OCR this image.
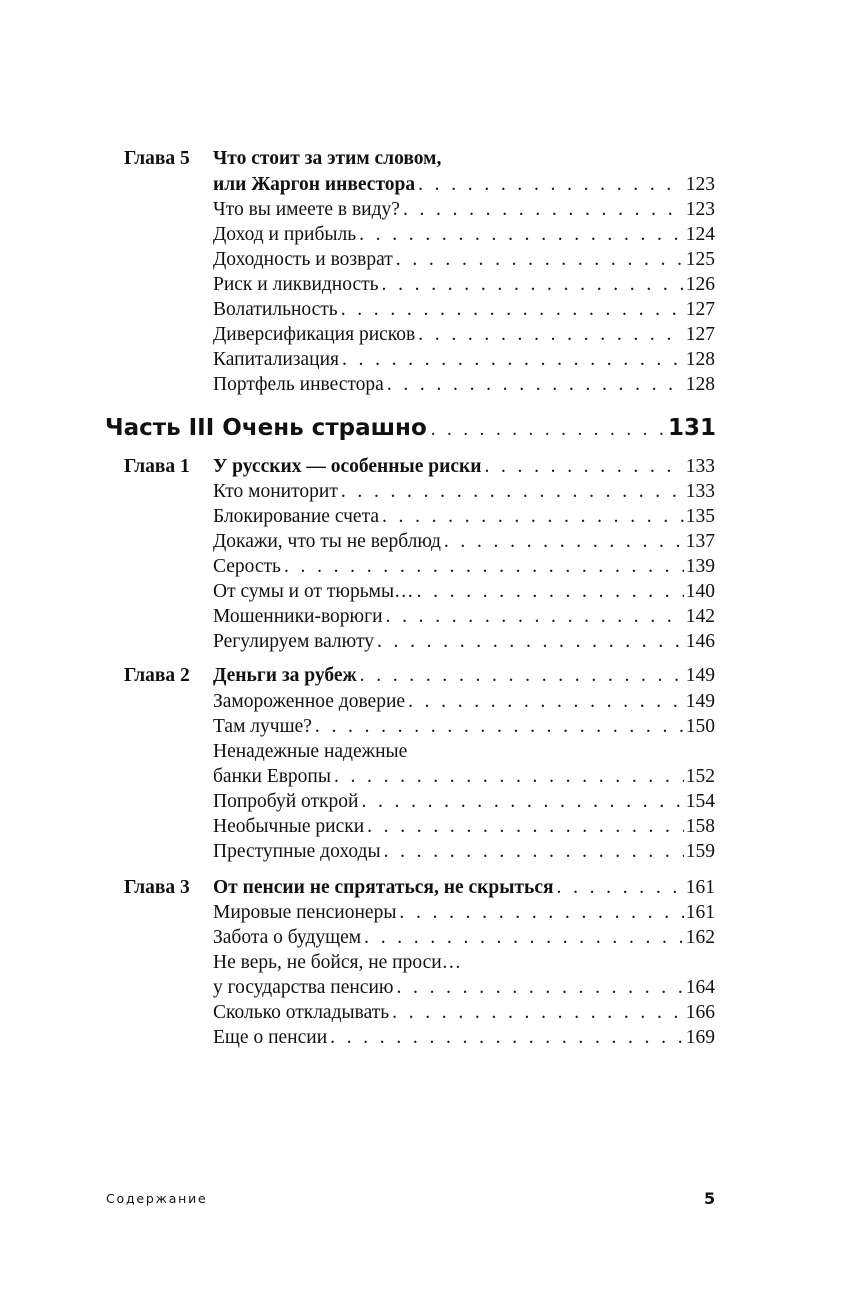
Глава 5 Что стоит за этим словом,
или Жаргон инвестора . . .	123
Что вы имеете в виду? . . .	123
Доход и прибыль . . .	124
Доходность и возврат . . .	125
Риск и ликвидность . . .	126
Волатильность . . .	127
Диверсификация рисков . . .	127
Капитализация . . .	128
Портфель инвестора . . .	128
Часть III Очень страшно . . .	131
Глава 1 У русских — особенные риски . . .	133
Кто мониторит . . .	133
Блокирование счета . . .	135
Докажи, что ты не верблюд . . .	137
Серость . . .	139
От сумы и от тюрьмы… . . .	140
Мошенники-ворюги . . .	142
Регулируем валюту . . .	146
Глава 2 Деньги за рубеж . . .	149
Замороженное доверие . . .	149
Там лучше? . . .	150
Ненадежные надежные
банки Европы . . .	152
Попробуй открой . . .	154
Необычные риски . . .	158
Преступные доходы . . .	159
Глава 3 От пенсии не спрятаться, не скрыться . . .	161
Мировые пенсионеры . . .	161
Забота о будущем . . .	162
Не верь, не бойся, не проси…
у государства пенсию . . .	164
Сколько откладывать . . .	166
Еще о пенсии . . .	169
Содержание	5
